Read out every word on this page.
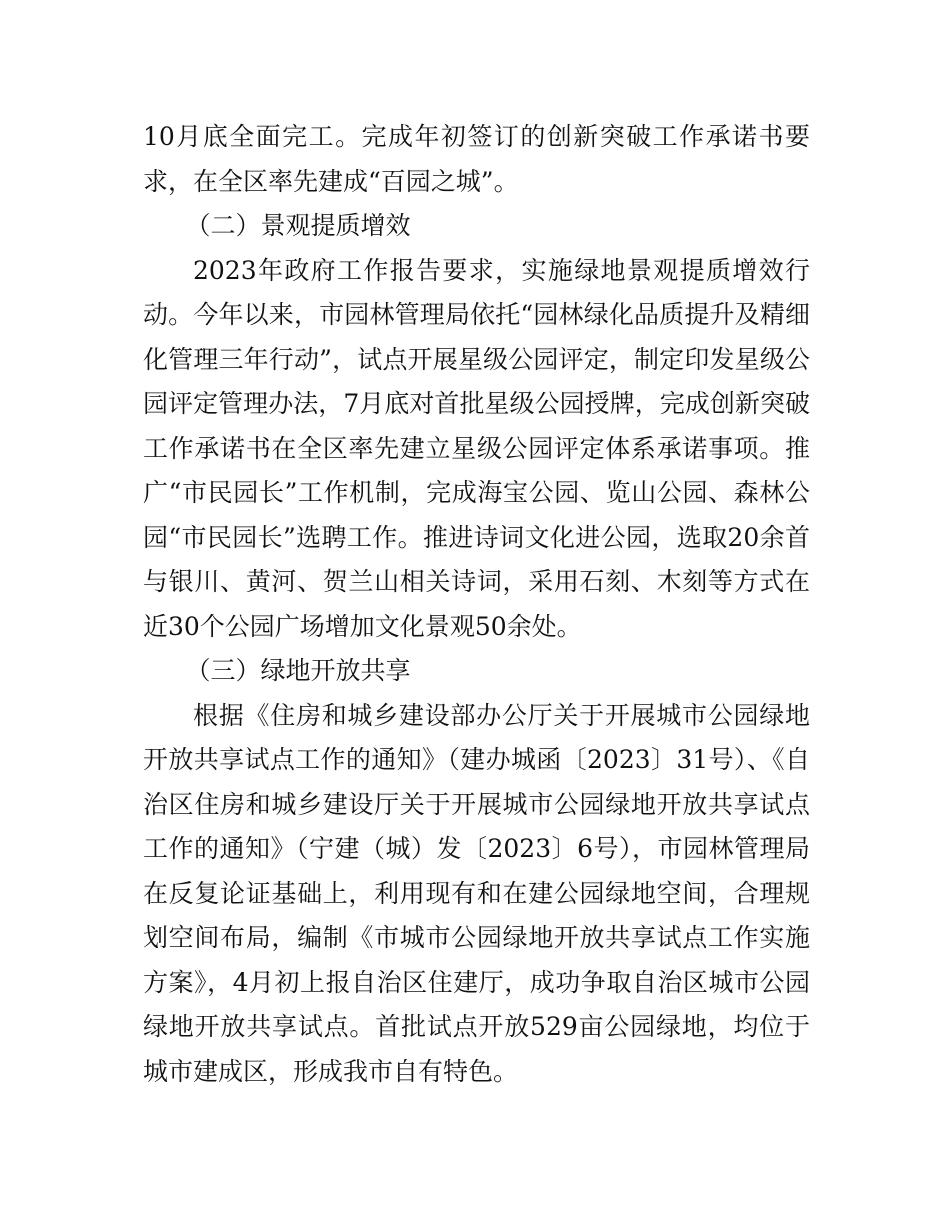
10月底全面完工。完成年初签订的创新突破工作承诺书要求，在全区率先建成“百园之城”。

（二）景观提质增效

2023年政府工作报告要求，实施绿地景观提质增效行动。今年以来，市园林管理局依托“园林绿化品质提升及精细化管理三年行动”，试点开展星级公园评定，制定印发星级公园评定管理办法，7月底对首批星级公园授牌，完成创新突破工作承诺书在全区率先建立星级公园评定体系承诺事项。推广“市民园长”工作机制，完成海宝公园、览山公园、森林公园“市民园长”选聘工作。推进诗词文化进公园，选取20余首与银川、黄河、贺兰山相关诗词，采用石刻、木刻等方式在近30个公园广场增加文化景观50余处。

（三）绿地开放共享

根据《住房和城乡建设部办公厅关于开展城市公园绿地开放共享试点工作的通知》（建办城函〔2023〕31号）、《自治区住房和城乡建设厅关于开展城市公园绿地开放共享试点工作的通知》（宁建（城）发〔2023〕6号），市园林管理局在反复论证基础上，利用现有和在建公园绿地空间，合理规划空间布局，编制《市城市公园绿地开放共享试点工作实施方案》，4月初上报自治区住建厅，成功争取自治区城市公园绿地开放共享试点。首批试点开放529亩公园绿地，均位于城市建成区，形成我市自有特色。
